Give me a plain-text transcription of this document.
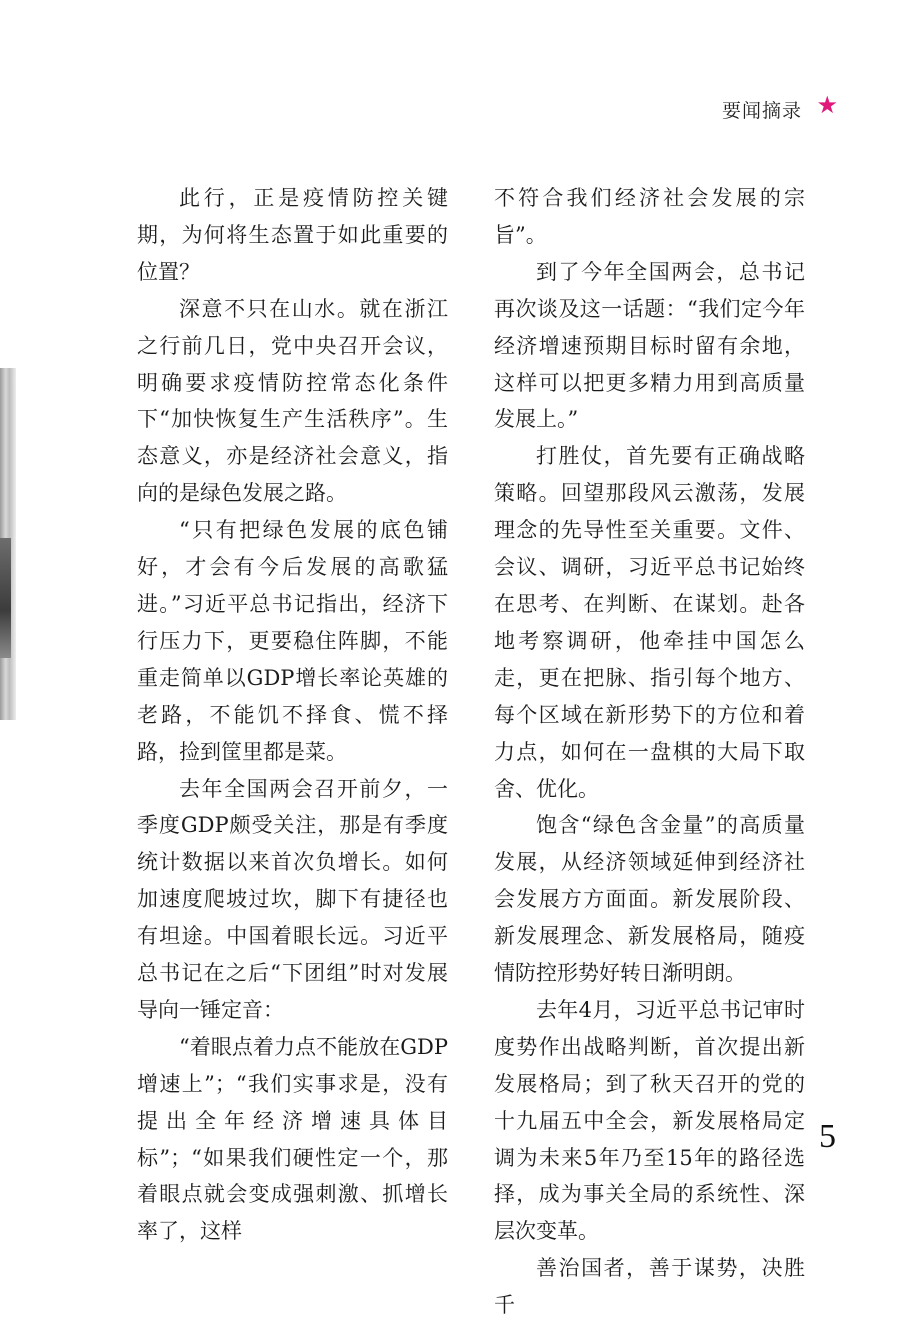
要闻摘录 ★

此行，正是疫情防控关键期，为何将生态置于如此重要的位置？

深意不只在山水。就在浙江之行前几日，党中央召开会议，明确要求疫情防控常态化条件下“加快恢复生产生活秩序”。生态意义，亦是经济社会意义，指向的是绿色发展之路。

“只有把绿色发展的底色铺好，才会有今后发展的高歌猛进。”习近平总书记指出，经济下行压力下，更要稳住阵脚，不能重走简单以GDP增长率论英雄的老路，不能饥不择食、慌不择路，捡到筐里都是菜。

去年全国两会召开前夕，一季度GDP颇受关注，那是有季度统计数据以来首次负增长。如何加速度爬坡过坎，脚下有捷径也有坦途。中国着眼长远。习近平总书记在之后“下团组”时对发展导向一锤定音：

“着眼点着力点不能放在GDP增速上”；“我们实事求是，没有提出全年经济增速具体目标”；“如果我们硬性定一个，那着眼点就会变成强刺激、抓增长率了，这样

不符合我们经济社会发展的宗旨”。

到了今年全国两会，总书记再次谈及这一话题：“我们定今年经济增速预期目标时留有余地，这样可以把更多精力用到高质量发展上。”

打胜仗，首先要有正确战略策略。回望那段风云激荡，发展理念的先导性至关重要。文件、会议、调研，习近平总书记始终在思考、在判断、在谋划。赴各地考察调研，他牵挂中国怎么走，更在把脉、指引每个地方、每个区域在新形势下的方位和着力点，如何在一盘棋的大局下取舍、优化。

饱含“绿色含金量”的高质量发展，从经济领域延伸到经济社会发展方方面面。新发展阶段、新发展理念、新发展格局，随疫情防控形势好转日渐明朗。

去年4月，习近平总书记审时度势作出战略判断，首次提出新发展格局；到了秋天召开的党的十九届五中全会，新发展格局定调为未来5年乃至15年的路径选择，成为事关全局的系统性、深层次变革。

善治国者，善于谋势，决胜千

5
